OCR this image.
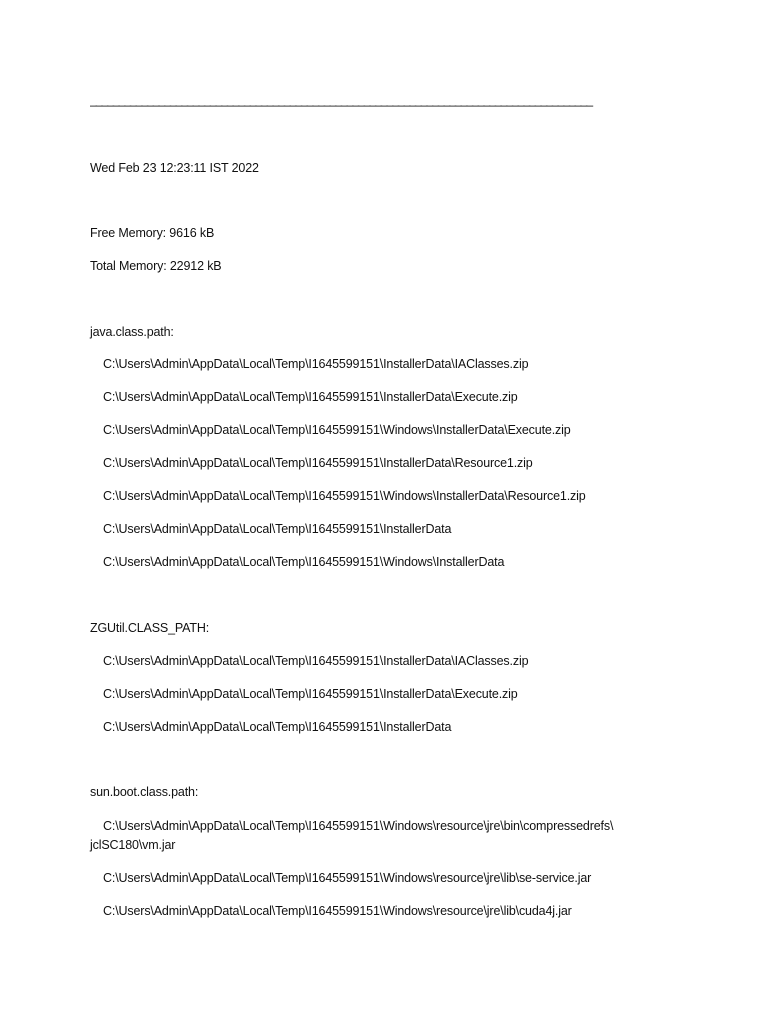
________________________________________________________________________________________
Wed Feb 23 12:23:11 IST 2022
Free Memory: 9616 kB
Total Memory: 22912 kB
java.class.path:
C:\Users\Admin\AppData\Local\Temp\I1645599151\InstallerData\IAClasses.zip
C:\Users\Admin\AppData\Local\Temp\I1645599151\InstallerData\Execute.zip
C:\Users\Admin\AppData\Local\Temp\I1645599151\Windows\InstallerData\Execute.zip
C:\Users\Admin\AppData\Local\Temp\I1645599151\InstallerData\Resource1.zip
C:\Users\Admin\AppData\Local\Temp\I1645599151\Windows\InstallerData\Resource1.zip
C:\Users\Admin\AppData\Local\Temp\I1645599151\InstallerData
C:\Users\Admin\AppData\Local\Temp\I1645599151\Windows\InstallerData
ZGUtil.CLASS_PATH:
C:\Users\Admin\AppData\Local\Temp\I1645599151\InstallerData\IAClasses.zip
C:\Users\Admin\AppData\Local\Temp\I1645599151\InstallerData\Execute.zip
C:\Users\Admin\AppData\Local\Temp\I1645599151\InstallerData
sun.boot.class.path:
C:\Users\Admin\AppData\Local\Temp\I1645599151\Windows\resource\jre\bin\compressedrefs\
jclSC180\vm.jar
C:\Users\Admin\AppData\Local\Temp\I1645599151\Windows\resource\jre\lib\se-service.jar
C:\Users\Admin\AppData\Local\Temp\I1645599151\Windows\resource\jre\lib\cuda4j.jar
